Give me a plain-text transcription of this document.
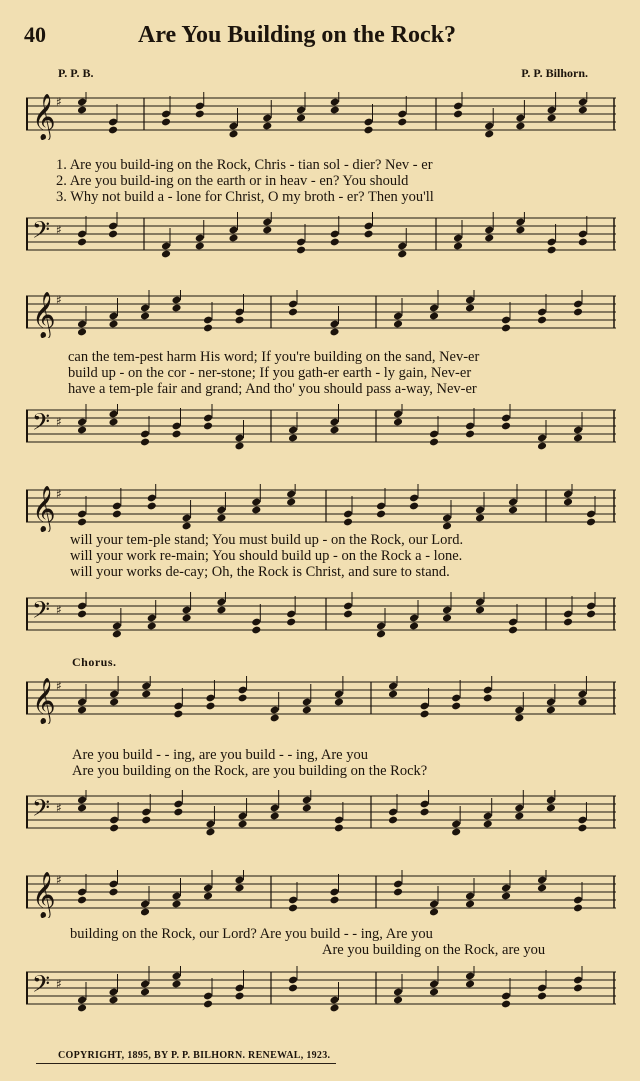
40	Are You Building on the Rock?
P. P. B.	P. P. Bilhorn.
𝄞 ♯
1. Are you build-ing on the Rock, Chris - tian sol - dier? Nev - er
2. Are you build-ing on the earth or in heav - en? You should
3. Why not build a - lone for Christ, O my broth - er? Then you'll
𝄢 ♯
𝄞 ♯
can the tem-pest harm His word; If you're building on the sand, Nev-er
build up - on the cor - ner-stone; If you gath-er earth - ly gain, Nev-er
have a tem-ple fair and grand; And tho' you should pass a-way, Nev-er
𝄢 ♯
𝄞 ♯
will your tem-ple stand; You must build up - on the Rock, our Lord.
will your work re-main; You should build up - on the Rock a - lone.
will your works de-cay; Oh, the Rock is Christ, and sure to stand.
𝄢 ♯
Chorus.
𝄞 ♯
Are you build - - ing, are you build - - ing, Are you
Are you building on the Rock, are you building on the Rock?
𝄢 ♯
𝄞 ♯
building on the Rock, our Lord? Are you build - - ing, Are you
Are you building on the Rock, are you
𝄢 ♯
COPYRIGHT, 1895, BY P. P. BILHORN. RENEWAL, 1923.
